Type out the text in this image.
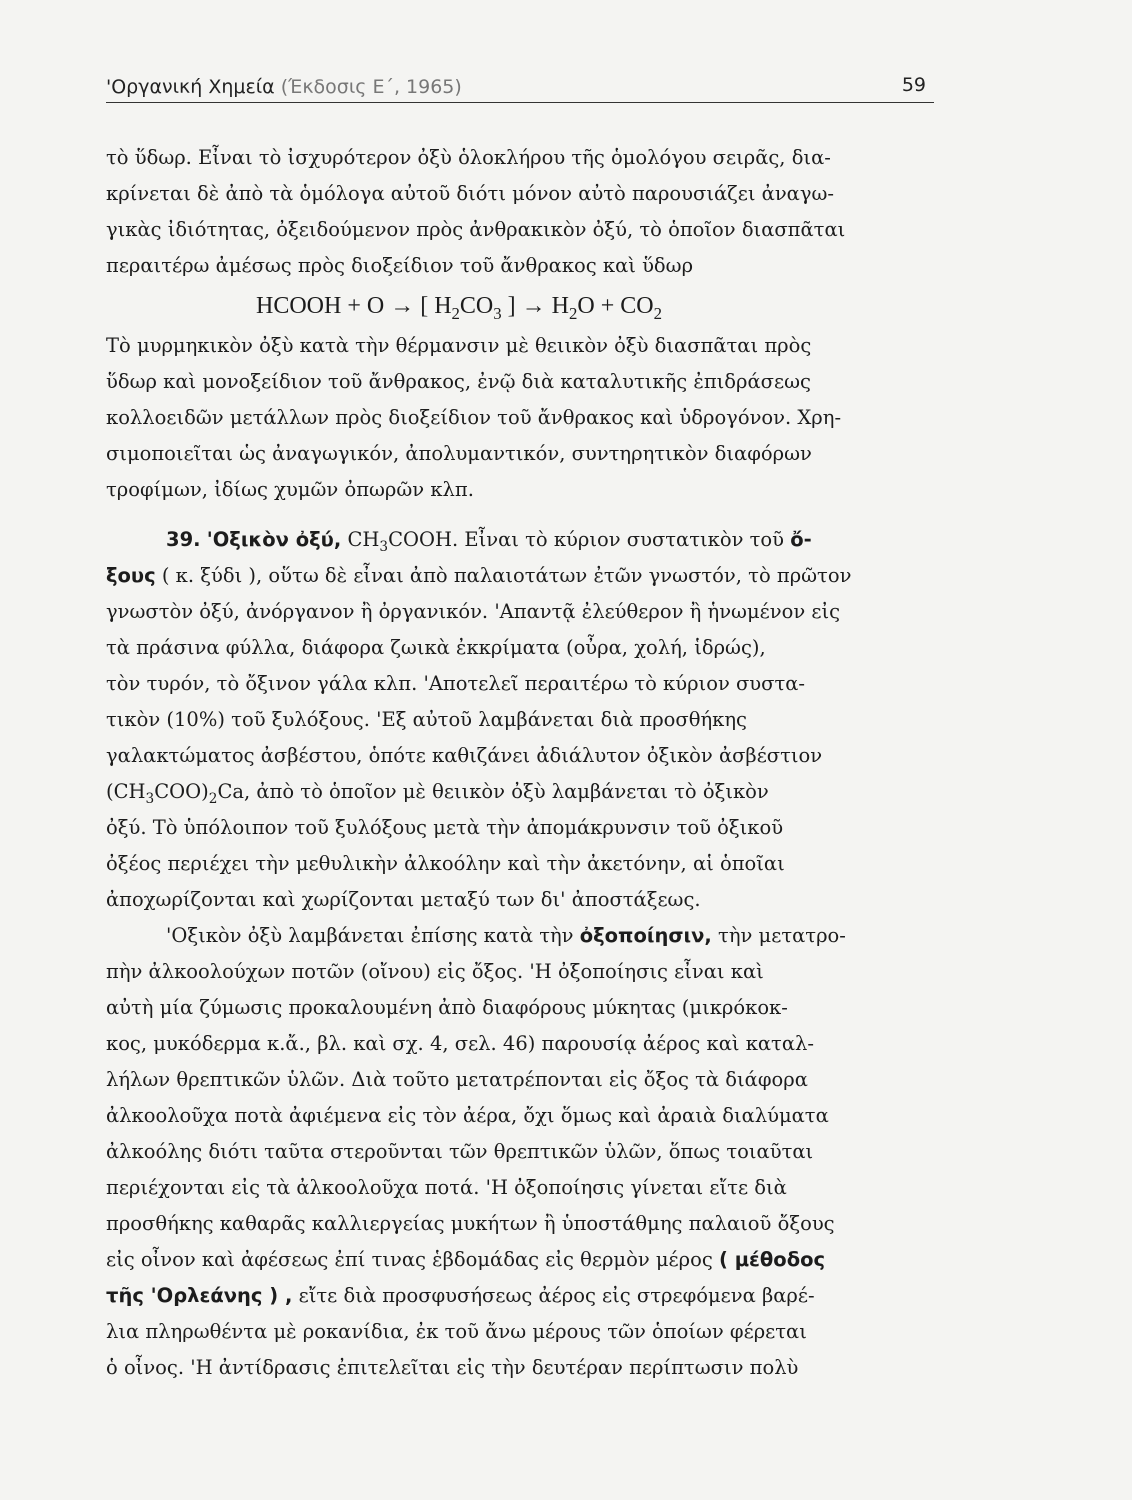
'Οργανική Χημεία (Έκδοσις Ε΄, 1965)	59
τὸ ὕδωρ. Εἶναι τὸ ἰσχυρότερον ὀξὺ ὁλοκλήρου τῆς ὁμολόγου σειρᾶς, δια-
κρίνεται δὲ ἀπὸ τὰ ὁμόλογα αὐτοῦ διότι μόνον αὐτὸ παρουσιάζει ἀναγω-
γικὰς ἰδιότητας, ὀξειδούμενον πρὸς ἀνθρακικὸν ὀξύ, τὸ ὁποῖον διασπᾶται
περαιτέρω ἀμέσως πρὸς διοξείδιον τοῦ ἄνθρακος καὶ ὕδωρ
HCOOH + O → [ $H_2CO_3$ ] → $H_2O + CO_2$
Τὸ μυρμηκικὸν ὀξὺ κατὰ τὴν θέρμανσιν μὲ θειικὸν ὀξὺ διασπᾶται πρὸς
ὕδωρ καὶ μονοξείδιον τοῦ ἄνθρακος, ἐνῷ διὰ καταλυτικῆς ἐπιδράσεως
κολλοειδῶν μετάλλων πρὸς διοξείδιον τοῦ ἄνθρακος καὶ ὑδρογόνον. Χρη-
σιμοποιεῖται ὡς ἀναγωγικόν, ἀπολυμαντικόν, συντηρητικὸν διαφόρων
τροφίμων, ἰδίως χυμῶν ὀπωρῶν κλπ.
39. 'Οξικὸν ὀξύ, $CH_3COOH$. Εἶναι τὸ κύριον συστατικὸν τοῦ ὄ-
ξους ( κ. ξύδι ), οὕτω δὲ εἶναι ἀπὸ παλαιοτάτων ἐτῶν γνωστόν, τὸ πρῶτον
γνωστὸν ὀξύ, ἀνόργανον ἢ ὀργανικόν. 'Απαντᾷ ἐλεύθερον ἢ ἡνωμένον εἰς
τὰ πράσινα φύλλα, διάφορα ζωικὰ ἐκκρίματα (οὖρα, χολή, ἱδρώς),
τὸν τυρόν, τὸ ὄξινον γάλα κλπ. 'Αποτελεῖ περαιτέρω τὸ κύριον συστα-
τικὸν (10%) τοῦ ξυλόξους. 'Εξ αὐτοῦ λαμβάνεται διὰ προσθήκης
γαλακτώματος ἀσβέστου, ὁπότε καθιζάνει ἀδιάλυτον ὀξικὸν ἀσβέστιον
$(CH_3COO)_2Ca$, ἀπὸ τὸ ὁποῖον μὲ θειικὸν ὀξὺ λαμβάνεται τὸ ὀξικὸν
ὀξύ. Τὸ ὑπόλοιπον τοῦ ξυλόξους μετὰ τὴν ἀπομάκρυνσιν τοῦ ὀξικοῦ
ὀξέος περιέχει τὴν μεθυλικὴν ἀλκοόλην καὶ τὴν ἀκετόνην, αἱ ὁποῖαι
ἀποχωρίζονται καὶ χωρίζονται μεταξύ των δι' ἀποστάξεως.
'Οξικὸν ὀξὺ λαμβάνεται ἐπίσης κατὰ τὴν ὀξοποίησιν, τὴν μετατρο-
πὴν ἀλκοολούχων ποτῶν (οἴνου) εἰς ὄξος. 'Η ὀξοποίησις εἶναι καὶ
αὐτὴ μία ζύμωσις προκαλουμένη ἀπὸ διαφόρους μύκητας (μικρόκοκ-
κος, μυκόδερμα κ.ἄ., βλ. καὶ σχ. 4, σελ. 46) παρουσίᾳ ἀέρος καὶ καταλ-
λήλων θρεπτικῶν ὑλῶν. Διὰ τοῦτο μετατρέπονται εἰς ὄξος τὰ διάφορα
ἀλκοολοῦχα ποτὰ ἀφιέμενα εἰς τὸν ἀέρα, ὄχι ὅμως καὶ ἀραιὰ διαλύματα
ἀλκοόλης διότι ταῦτα στεροῦνται τῶν θρεπτικῶν ὑλῶν, ὅπως τοιαῦται
περιέχονται εἰς τὰ ἀλκοολοῦχα ποτά. 'Η ὀξοποίησις γίνεται εἴτε διὰ
προσθήκης καθαρᾶς καλλιεργείας μυκήτων ἢ ὑποστάθμης παλαιοῦ ὄξους
εἰς οἶνον καὶ ἀφέσεως ἐπί τινας ἑβδομάδας εἰς θερμὸν μέρος ( μέθοδος
τῆς 'Ορλεάνης ) , εἴτε διὰ προσφυσήσεως ἀέρος εἰς στρεφόμενα βαρέ-
λια πληρωθέντα μὲ ροκανίδια, ἐκ τοῦ ἄνω μέρους τῶν ὁποίων φέρεται
ὁ οἶνος. 'Η ἀντίδρασις ἐπιτελεῖται εἰς τὴν δευτέραν περίπτωσιν πολὺ
